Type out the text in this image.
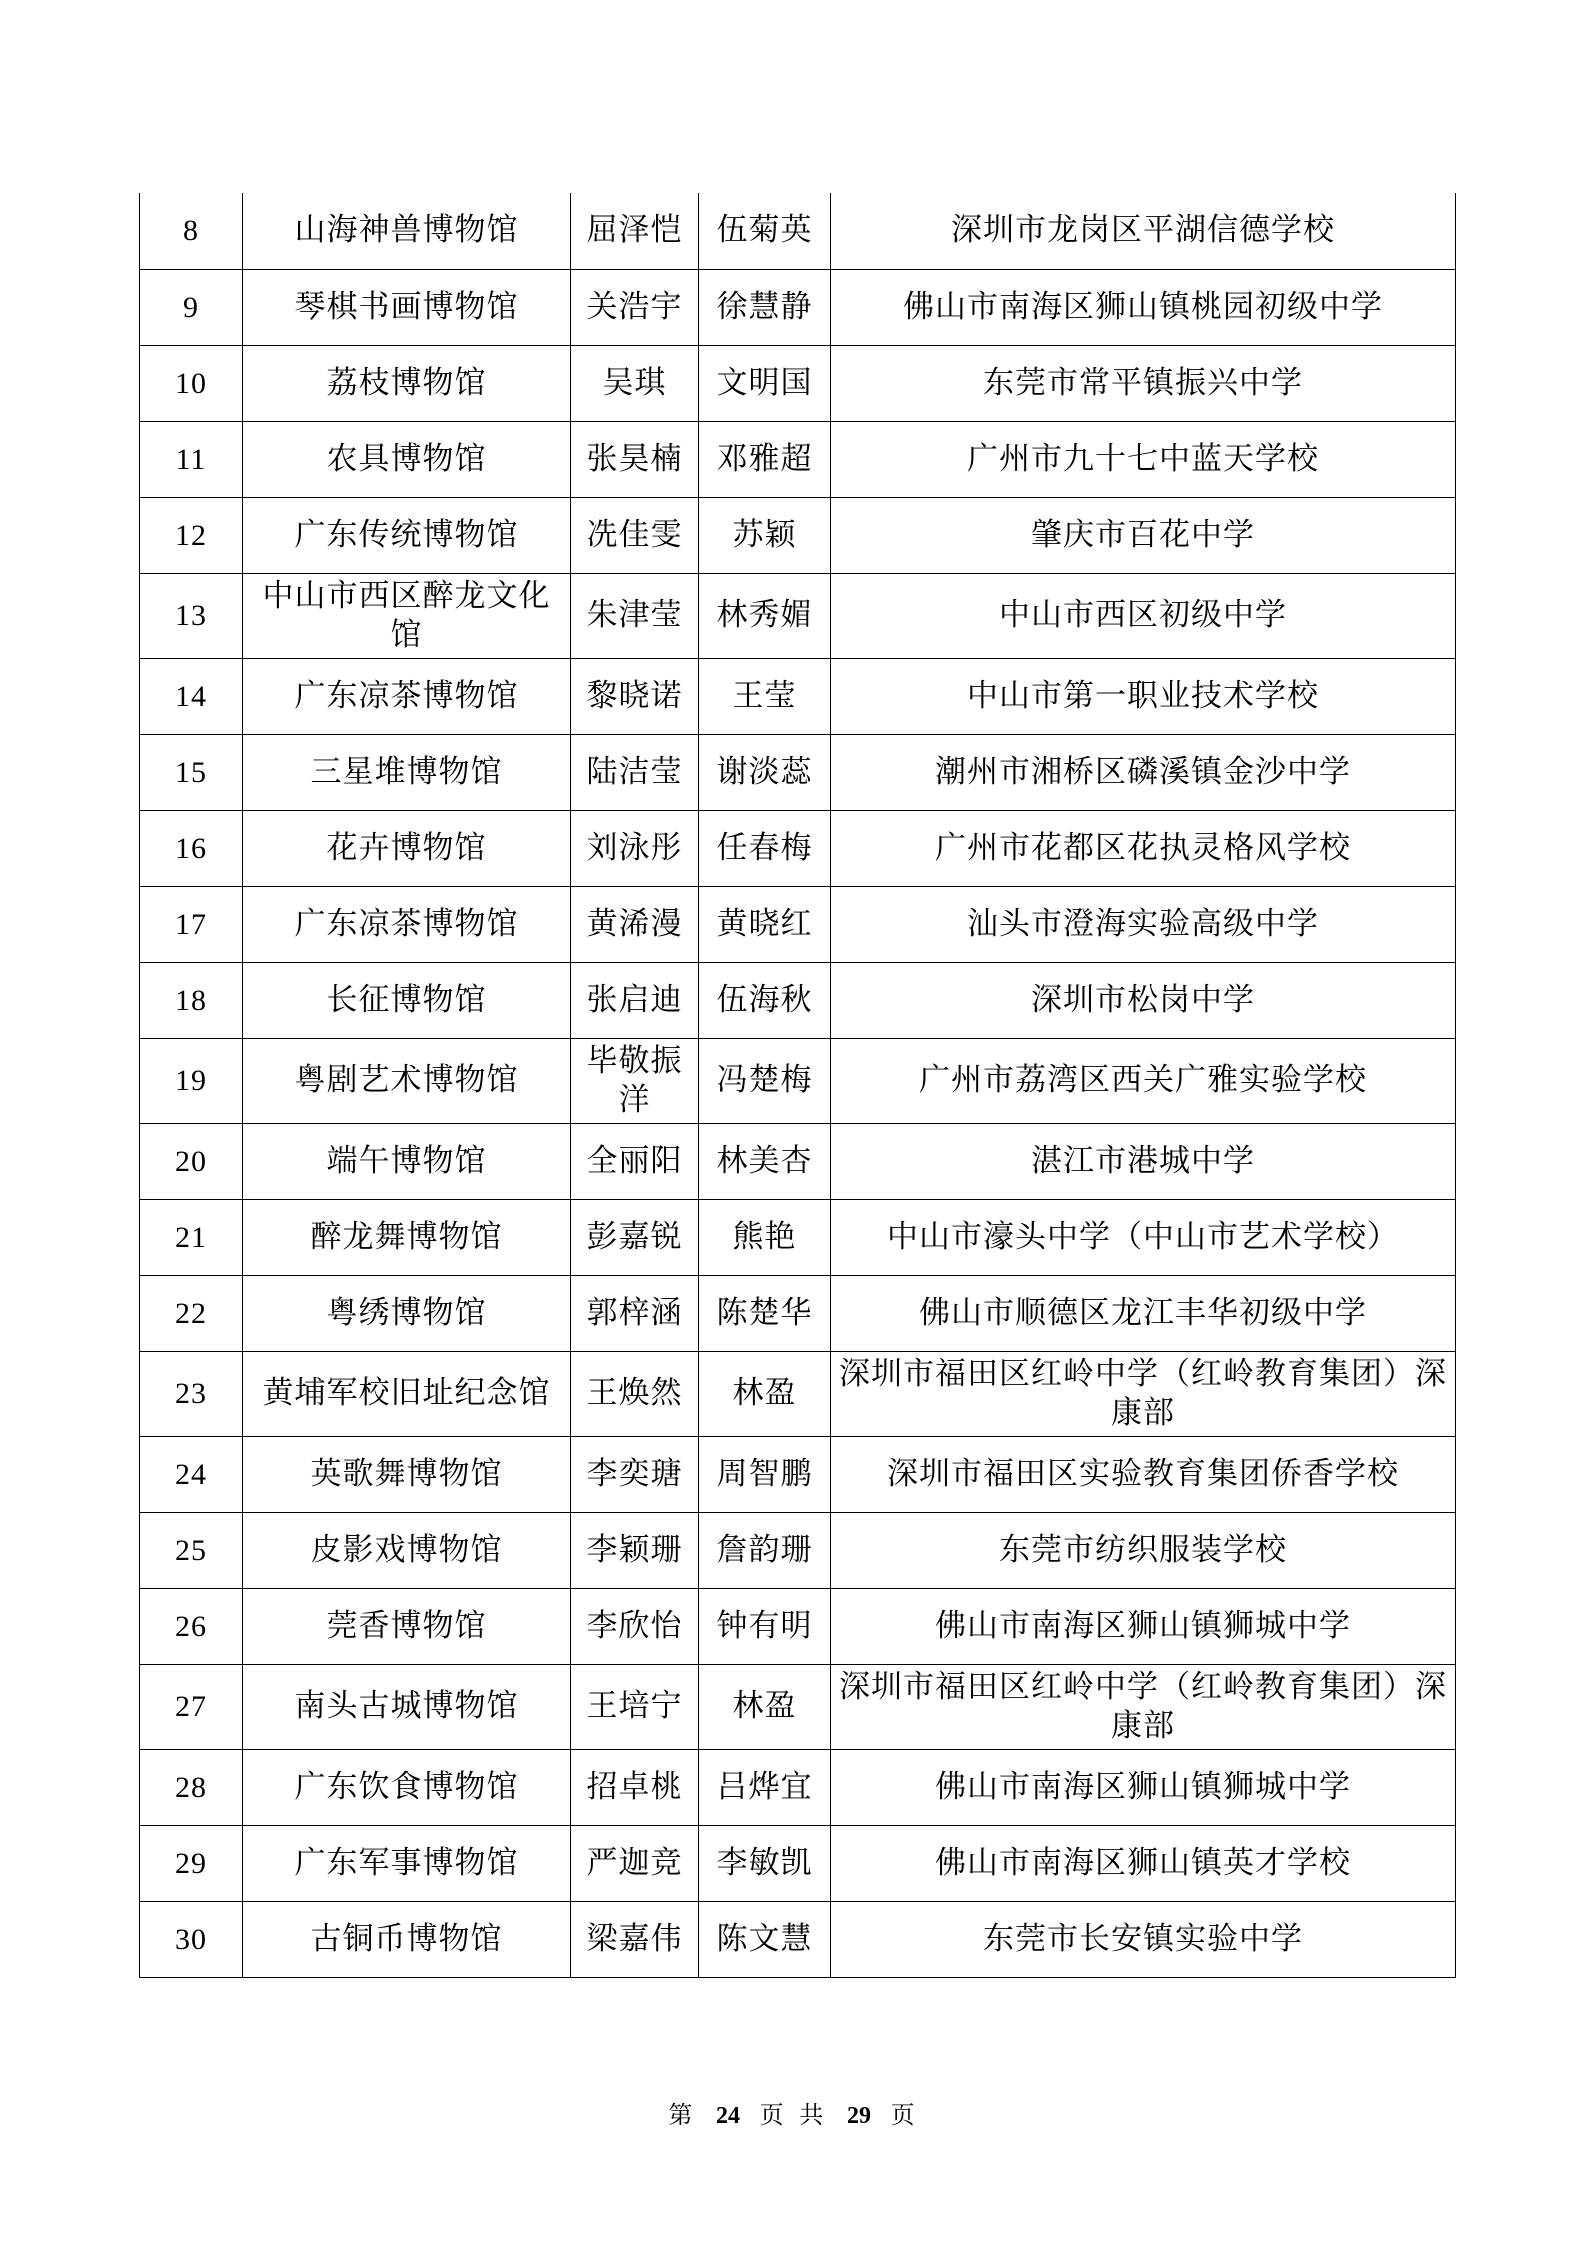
8	山海神兽博物馆	屈泽恺	伍菊英	深圳市龙岗区平湖信德学校
9	琴棋书画博物馆	关浩宇	徐慧静	佛山市南海区狮山镇桃园初级中学
10	荔枝博物馆	吴琪	文明国	东莞市常平镇振兴中学
11	农具博物馆	张昊楠	邓雅超	广州市九十七中蓝天学校
12	广东传统博物馆	冼佳雯	苏颖	肇庆市百花中学
13	中山市西区醉龙文化馆	朱津莹	林秀媚	中山市西区初级中学
14	广东凉茶博物馆	黎晓诺	王莹	中山市第一职业技术学校
15	三星堆博物馆	陆洁莹	谢淡蕊	潮州市湘桥区磷溪镇金沙中学
16	花卉博物馆	刘泳彤	任春梅	广州市花都区花执灵格风学校
17	广东凉茶博物馆	黄浠漫	黄晓红	汕头市澄海实验高级中学
18	长征博物馆	张启迪	伍海秋	深圳市松岗中学
19	粤剧艺术博物馆	毕敬振洋	冯楚梅	广州市荔湾区西关广雅实验学校
20	端午博物馆	全丽阳	林美杏	湛江市港城中学
21	醉龙舞博物馆	彭嘉锐	熊艳	中山市濠头中学（中山市艺术学校）
22	粤绣博物馆	郭梓涵	陈楚华	佛山市顺德区龙江丰华初级中学
23	黄埔军校旧址纪念馆	王焕然	林盈	深圳市福田区红岭中学（红岭教育集团）深康部
24	英歌舞博物馆	李奕瑭	周智鹏	深圳市福田区实验教育集团侨香学校
25	皮影戏博物馆	李颖珊	詹韵珊	东莞市纺织服装学校
26	莞香博物馆	李欣怡	钟有明	佛山市南海区狮山镇狮城中学
27	南头古城博物馆	王培宁	林盈	深圳市福田区红岭中学（红岭教育集团）深康部
28	广东饮食博物馆	招卓桃	吕烨宜	佛山市南海区狮山镇狮城中学
29	广东军事博物馆	严迦竞	李敏凯	佛山市南海区狮山镇英才学校
30	古铜币博物馆	梁嘉伟	陈文慧	东莞市长安镇实验中学
第 24 页 共 29 页
